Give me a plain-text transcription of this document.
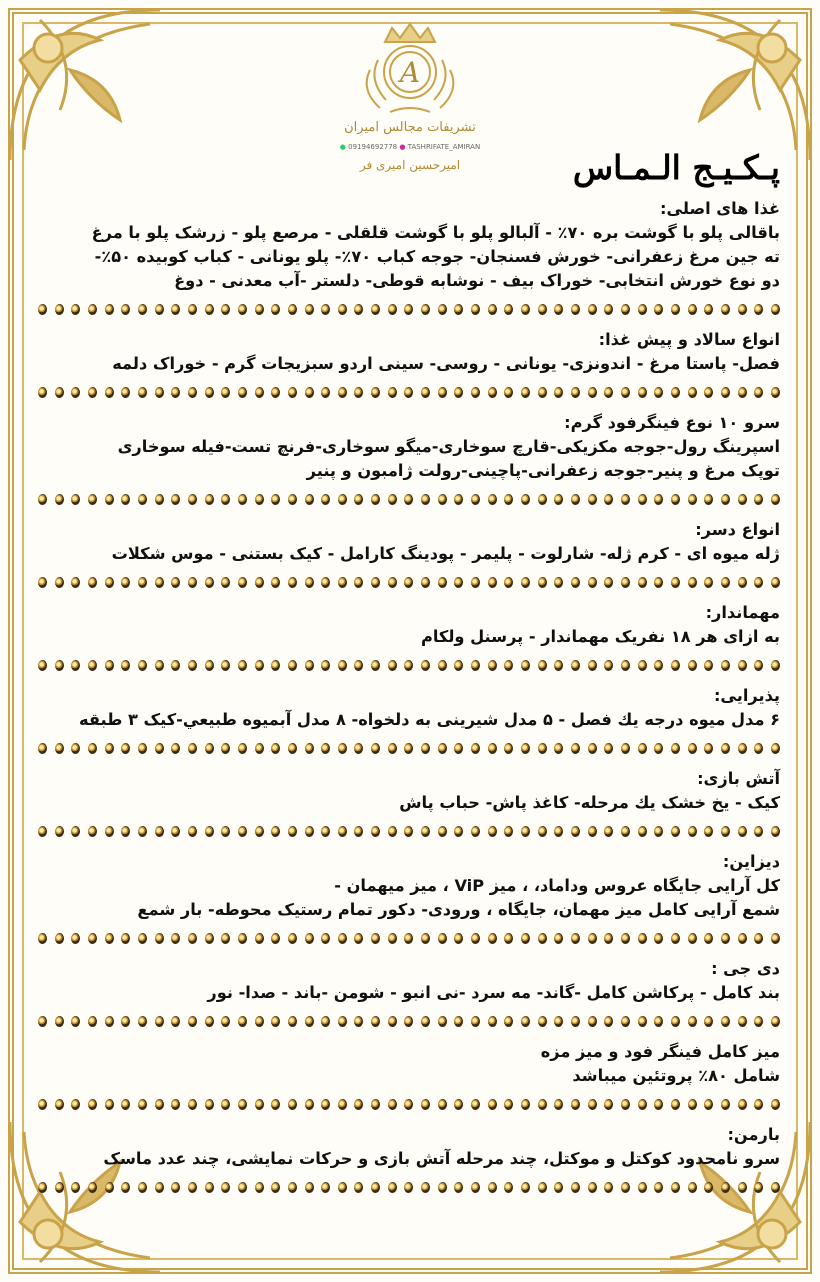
A
تشریفات مجالس امیران
● 09194692778 ● TASHRIFATE_AMIRAN
امیرحسین امیری فر	پـکـیـج الـمـاس
غذا های اصلی:
باقالی پلو با گوشت بره ۷۰٪ - آلبالو پلو با گوشت قلقلی - مرصع پلو - زرشک پلو با مرغ
ته جین مرغ زعفرانی- خورش فسنجان- جوجه کباب ۷۰٪- پلو یونانی - کباب کوبیده ۵۰٪-
دو نوع خورش انتخابی- خوراک بیف - نوشابه قوطی- دلستر -آب معدنی - دوغ
انواع سالاد و پیش غذا:
فصل- پاستا مرغ - اندونزی- یونانی - روسی- سینی اردو سبزیجات گرم - خوراک دلمه
سرو ۱۰ نوع فینگرفود گرم:
اسپرینگ رول-جوجه مکزیکی-قارچ سوخاری-میگو سوخاری-فرنچ تست-فیله سوخاری
توپک مرغ و پنیر-جوجه زعفرانی-پاچینی-رولت ژامبون و پنیر
انواع دسر:
ژله میوه ای - کرم ژله- شارلوت - پلیمر - پودینگ کارامل - کیک بستنی - موس شکلات
مهماندار:
به ازای هر ۱۸ نفریک مهماندار - پرسنل ولکام
پذیرایی:
۶ مدل میوه درجه یك فصل - ۵ مدل شیرینی به دلخواه- ۸ مدل آبمیوه طبیعي-کیک ۳ طبقه
آتش بازی:
کیک - یخ خشک یك مرحله- کاغذ پاش- حباب پاش
دیزاین:
کل آرایی جایگاه عروس وداماد، ، میز ViP ، میز میهمان -
شمع آرایی کامل میز مهمان، جایگاه ، ورودی- دکور تمام رستیک محوطه- بار شمع
دی جی :
بند کامل - پرکاشن کامل -گاند- مه سرد -نی انبو - شومن -باند - صدا- نور
میز کامل فینگر فود و میز مزه
شامل ۸۰٪ پروتئین میباشد
بارمن:
سرو نامحدود کوکتل و موکتل، چند مرحله آتش بازی و حرکات نمایشی، چند عدد ماسک
